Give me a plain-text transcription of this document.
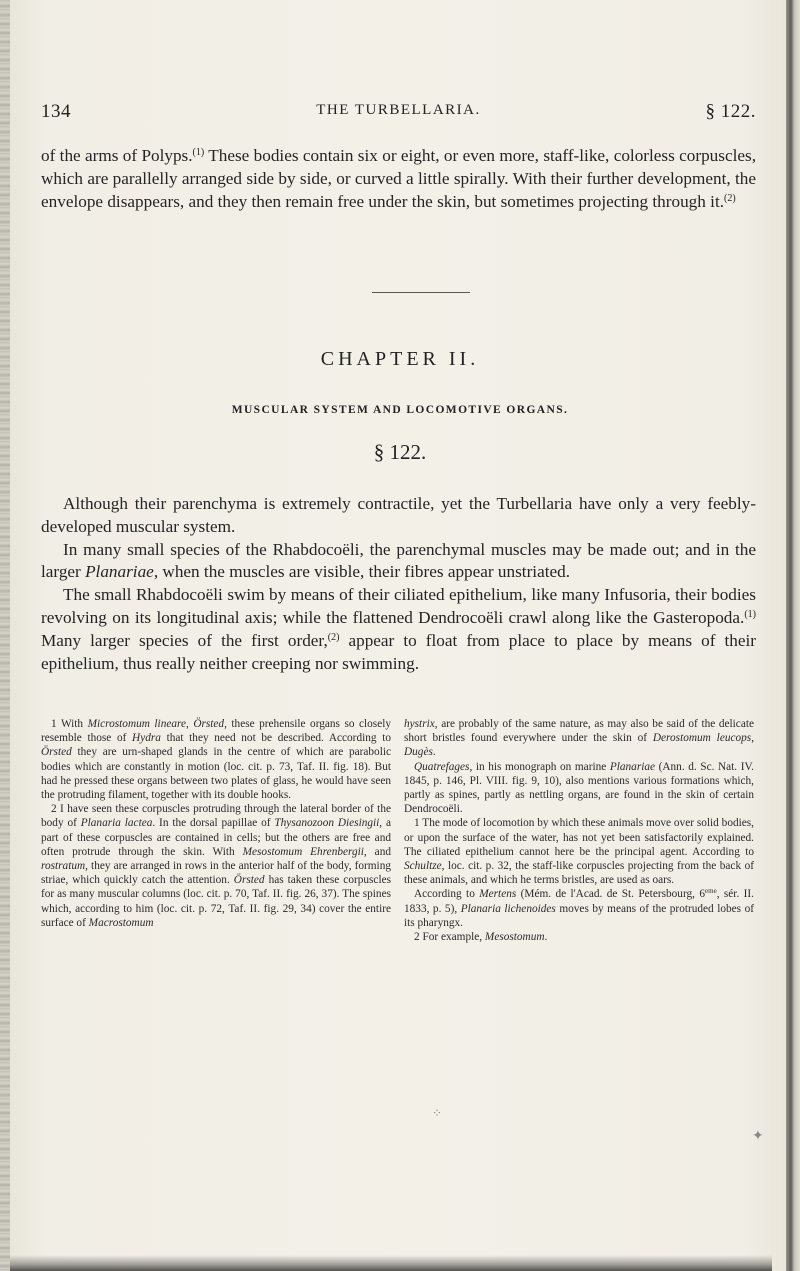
134	THE TURBELLARIA.	§ 122.

of the arms of Polyps.$^{(1)}$ These bodies contain six or eight, or even more, staff-like, colorless corpuscles, which are parallelly arranged side by side, or curved a little spirally. With their further development, the envelope disappears, and they then remain free under the skin, but sometimes projecting through it.$^{(2)}$

CHAPTER II.
MUSCULAR SYSTEM AND LOCOMOTIVE ORGANS.
§ 122.

Although their parenchyma is extremely contractile, yet the Turbellaria have only a very feebly-developed muscular system.

In many small species of the Rhabdocoëli, the parenchymal muscles may be made out; and in the larger Planariae, when the muscles are visible, their fibres appear unstriated.

The small Rhabdocoëli swim by means of their ciliated epithelium, like many Infusoria, their bodies revolving on its longitudinal axis; while the flattened Dendrocoëli crawl along like the Gasteropoda.$^{(1)}$ Many larger species of the first order,$^{(2)}$ appear to float from place to place by means of their epithelium, thus really neither creeping nor swimming.

1 With Microstomum lineare, Örsted, these prehensile organs so closely resemble those of Hydra that they need not be described. According to Örsted they are urn-shaped glands in the centre of which are parabolic bodies which are constantly in motion (loc. cit. p. 73, Taf. II. fig. 18). But had he pressed these organs between two plates of glass, he would have seen the protruding filament, together with its double hooks.

2 I have seen these corpuscles protruding through the lateral border of the body of Planaria lactea. In the dorsal papillae of Thysanozoon Diesingii, a part of these corpuscles are contained in cells; but the others are free and often protrude through the skin. With Mesostomum Ehrenbergii, and rostratum, they are arranged in rows in the anterior half of the body, forming striae, which quickly catch the attention. Örsted has taken these corpuscles for as many muscular columns (loc. cit. p. 70, Taf. II. fig. 26, 37). The spines which, according to him (loc. cit. p. 72, Taf. II. fig. 29, 34) cover the entire surface of Macrostomum

hystrix, are probably of the same nature, as may also be said of the delicate short bristles found everywhere under the skin of Derostomum leucops, Dugès.

Quatrefages, in his monograph on marine Planariae (Ann. d. Sc. Nat. IV. 1845, p. 146, Pl. VIII. fig. 9, 10), also mentions various formations which, partly as spines, partly as nettling organs, are found in the skin of certain Dendrocoëli.

1 The mode of locomotion by which these animals move over solid bodies, or upon the surface of the water, has not yet been satisfactorily explained. The ciliated epithelium cannot here be the principal agent. According to Schultze, loc. cit. p. 32, the staff-like corpuscles projecting from the back of these animals, and which he terms bristles, are used as oars.

According to Mertens (Mém. de l'Acad. de St. Petersbourg, 6eme, sér. II. 1833, p. 5), Planaria lichenoides moves by means of the protruded lobes of its pharyngx.

2 For example, Mesostomum.

⁘
✦
